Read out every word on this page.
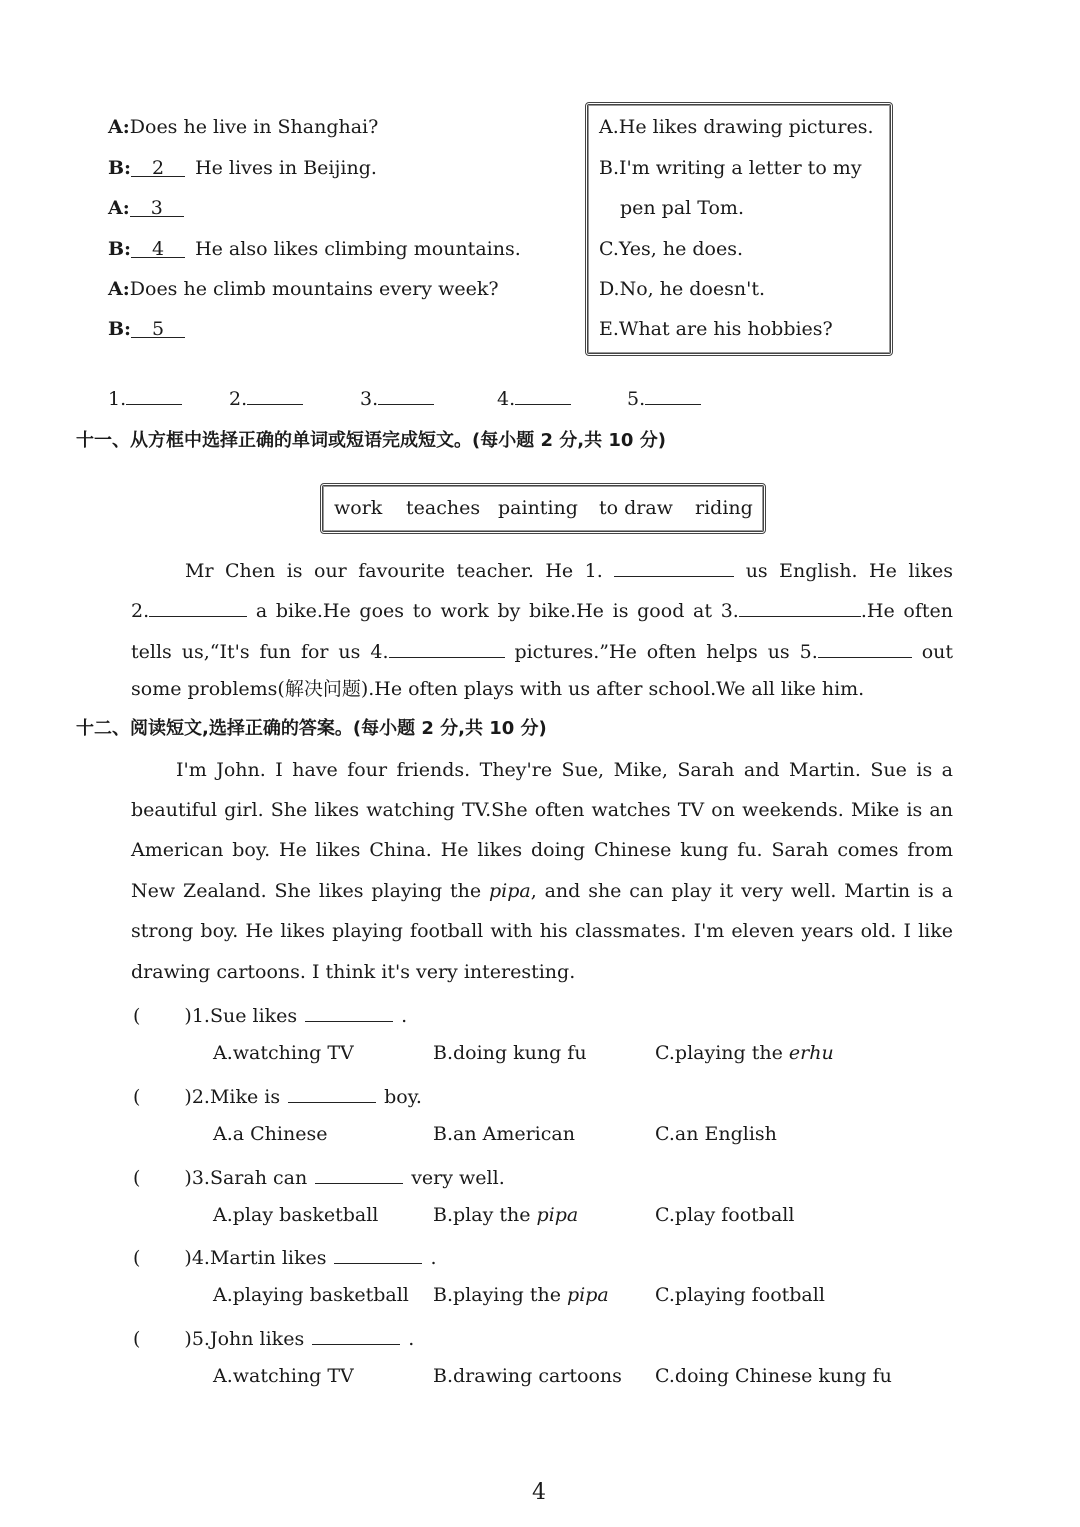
A:Does he live in Shanghai?
B: 2 He lives in Beijing.
A: 3
B: 4 He also likes climbing mountains.
A:Does he climb mountains every week?
B: 5
A.He likes drawing pictures.
B.I'm writing a letter to my
pen pal Tom.
C.Yes, he does.
D.No, he doesn't.
E.What are his hobbies?
1.	2.	3.	4.	5.
十一、从方框中选择正确的单词或短语完成短文。(每小题 2 分,共 10 分)
work teaches painting to draw riding
Mr Chen is our favourite teacher. He 1.	us English. He likes
2.	a bike.He goes to work by bike.He is good at 3.	.He often
tells us,“It's fun for us 4.	pictures.”He often helps us 5.	out
some problems(解决问题).He often plays with us after school.We all like him.
十二、阅读短文,选择正确的答案。(每小题 2 分,共 10 分)
I'm John. I have four friends. They're Sue, Mike, Sarah and Martin. Sue is a
beautiful girl. She likes watching TV.She often watches TV on weekends. Mike is an
American boy. He likes China. He likes doing Chinese kung fu. Sarah comes from
New Zealand. She likes playing the pipa, and she can play it very well. Martin is a
strong boy. He likes playing football with his classmates. I'm eleven years old. I like
drawing cartoons. I think it's very interesting.
( )1.Sue likes	.
A.watching TV	B.doing kung fu	C.playing the erhu
( )2.Mike is	boy.
A.a Chinese	B.an American	C.an English
( )3.Sarah can	very well.
A.play basketball	B.play the pipa	C.play football
( )4.Martin likes	.
A.playing basketball B.playing the pipa C.playing football
( )5.John likes	.
A.watching TV	B.drawing cartoons C.doing Chinese kung fu
4
